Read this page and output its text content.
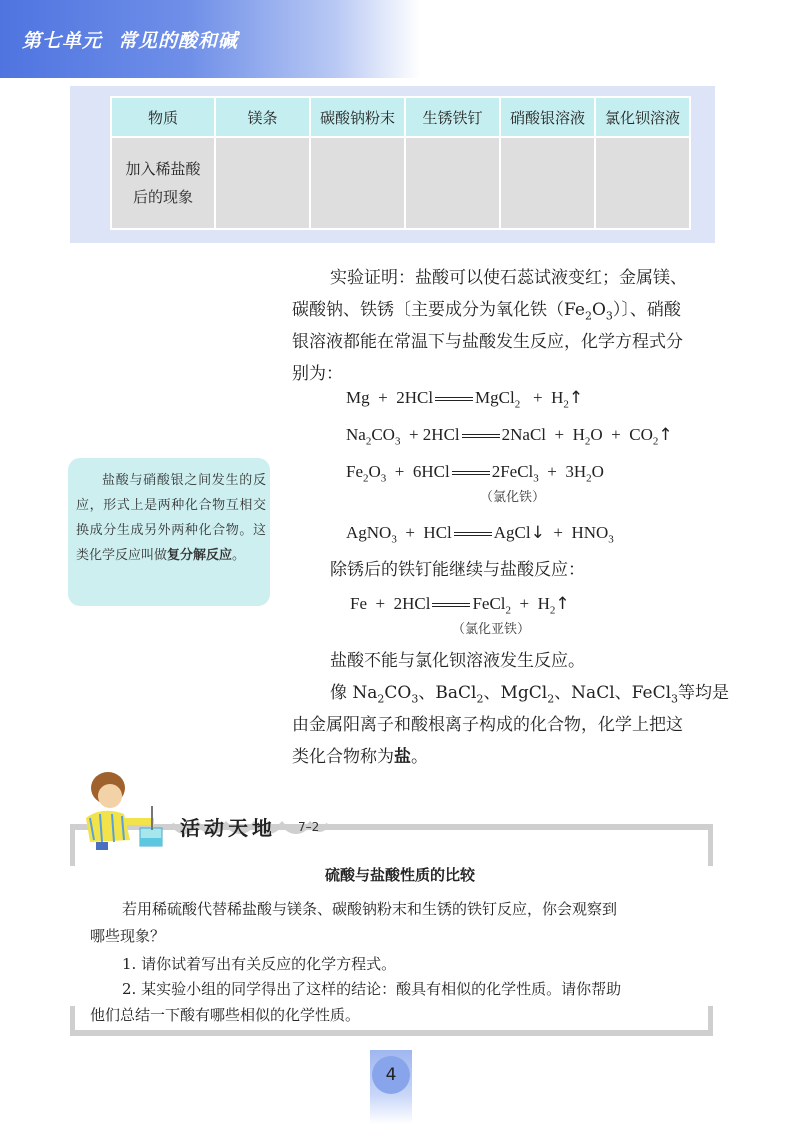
第七单元 常见的酸和碱
物质	镁条	碳酸钠粉末	生锈铁钉	硝酸银溶液	氯化钡溶液
加入稀盐酸
后的现象					
实验证明：盐酸可以使石蕊试液变红；金属镁、
碳酸钠、铁锈〔主要成分为氧化铁$(Fe_2O_3)$〕、硝酸
银溶液都能在常温下与盐酸发生反应，化学方程式分
别为：
Mg  +  2HCl MgCl$_2$   +  $H_2↑$
$Na_2CO_3 + 2HCl$ 2NaCl  +  $H_2O$  +  $CO_2↑$
$Fe_2O_3 + 6HCl$ 2FeCl$_3$  +  $3H_2O$
（氯化铁）
AgNO$_3$  +  HCl AgCl↓  +  $HNO_3$
除锈后的铁钉能继续与盐酸反应：
Fe  +  2HCl FeCl$_2$  +  $H_2↑$
（氯化亚铁）
盐酸不能与氯化钡溶液发生反应。
像 $Na_2CO_3$、BaCl$_2$、MgCl$_2$、NaCl、FeCl$_3$等均是
由金属阳离子和酸根离子构成的化合物，化学上把这
类化合物称为盐。
盐酸与硝酸银之间发生的反应，形式上是两种化合物互相交换成分生成另外两种化合物。这类化学反应叫做复分解反应。
活动天地 7–2
硫酸与盐酸性质的比较
若用稀硫酸代替稀盐酸与镁条、碳酸钠粉末和生锈的铁钉反应，你会观察到
哪些现象？
1. 请你试着写出有关反应的化学方程式。
2. 某实验小组的同学得出了这样的结论：酸具有相似的化学性质。请你帮助
他们总结一下酸有哪些相似的化学性质。
4
